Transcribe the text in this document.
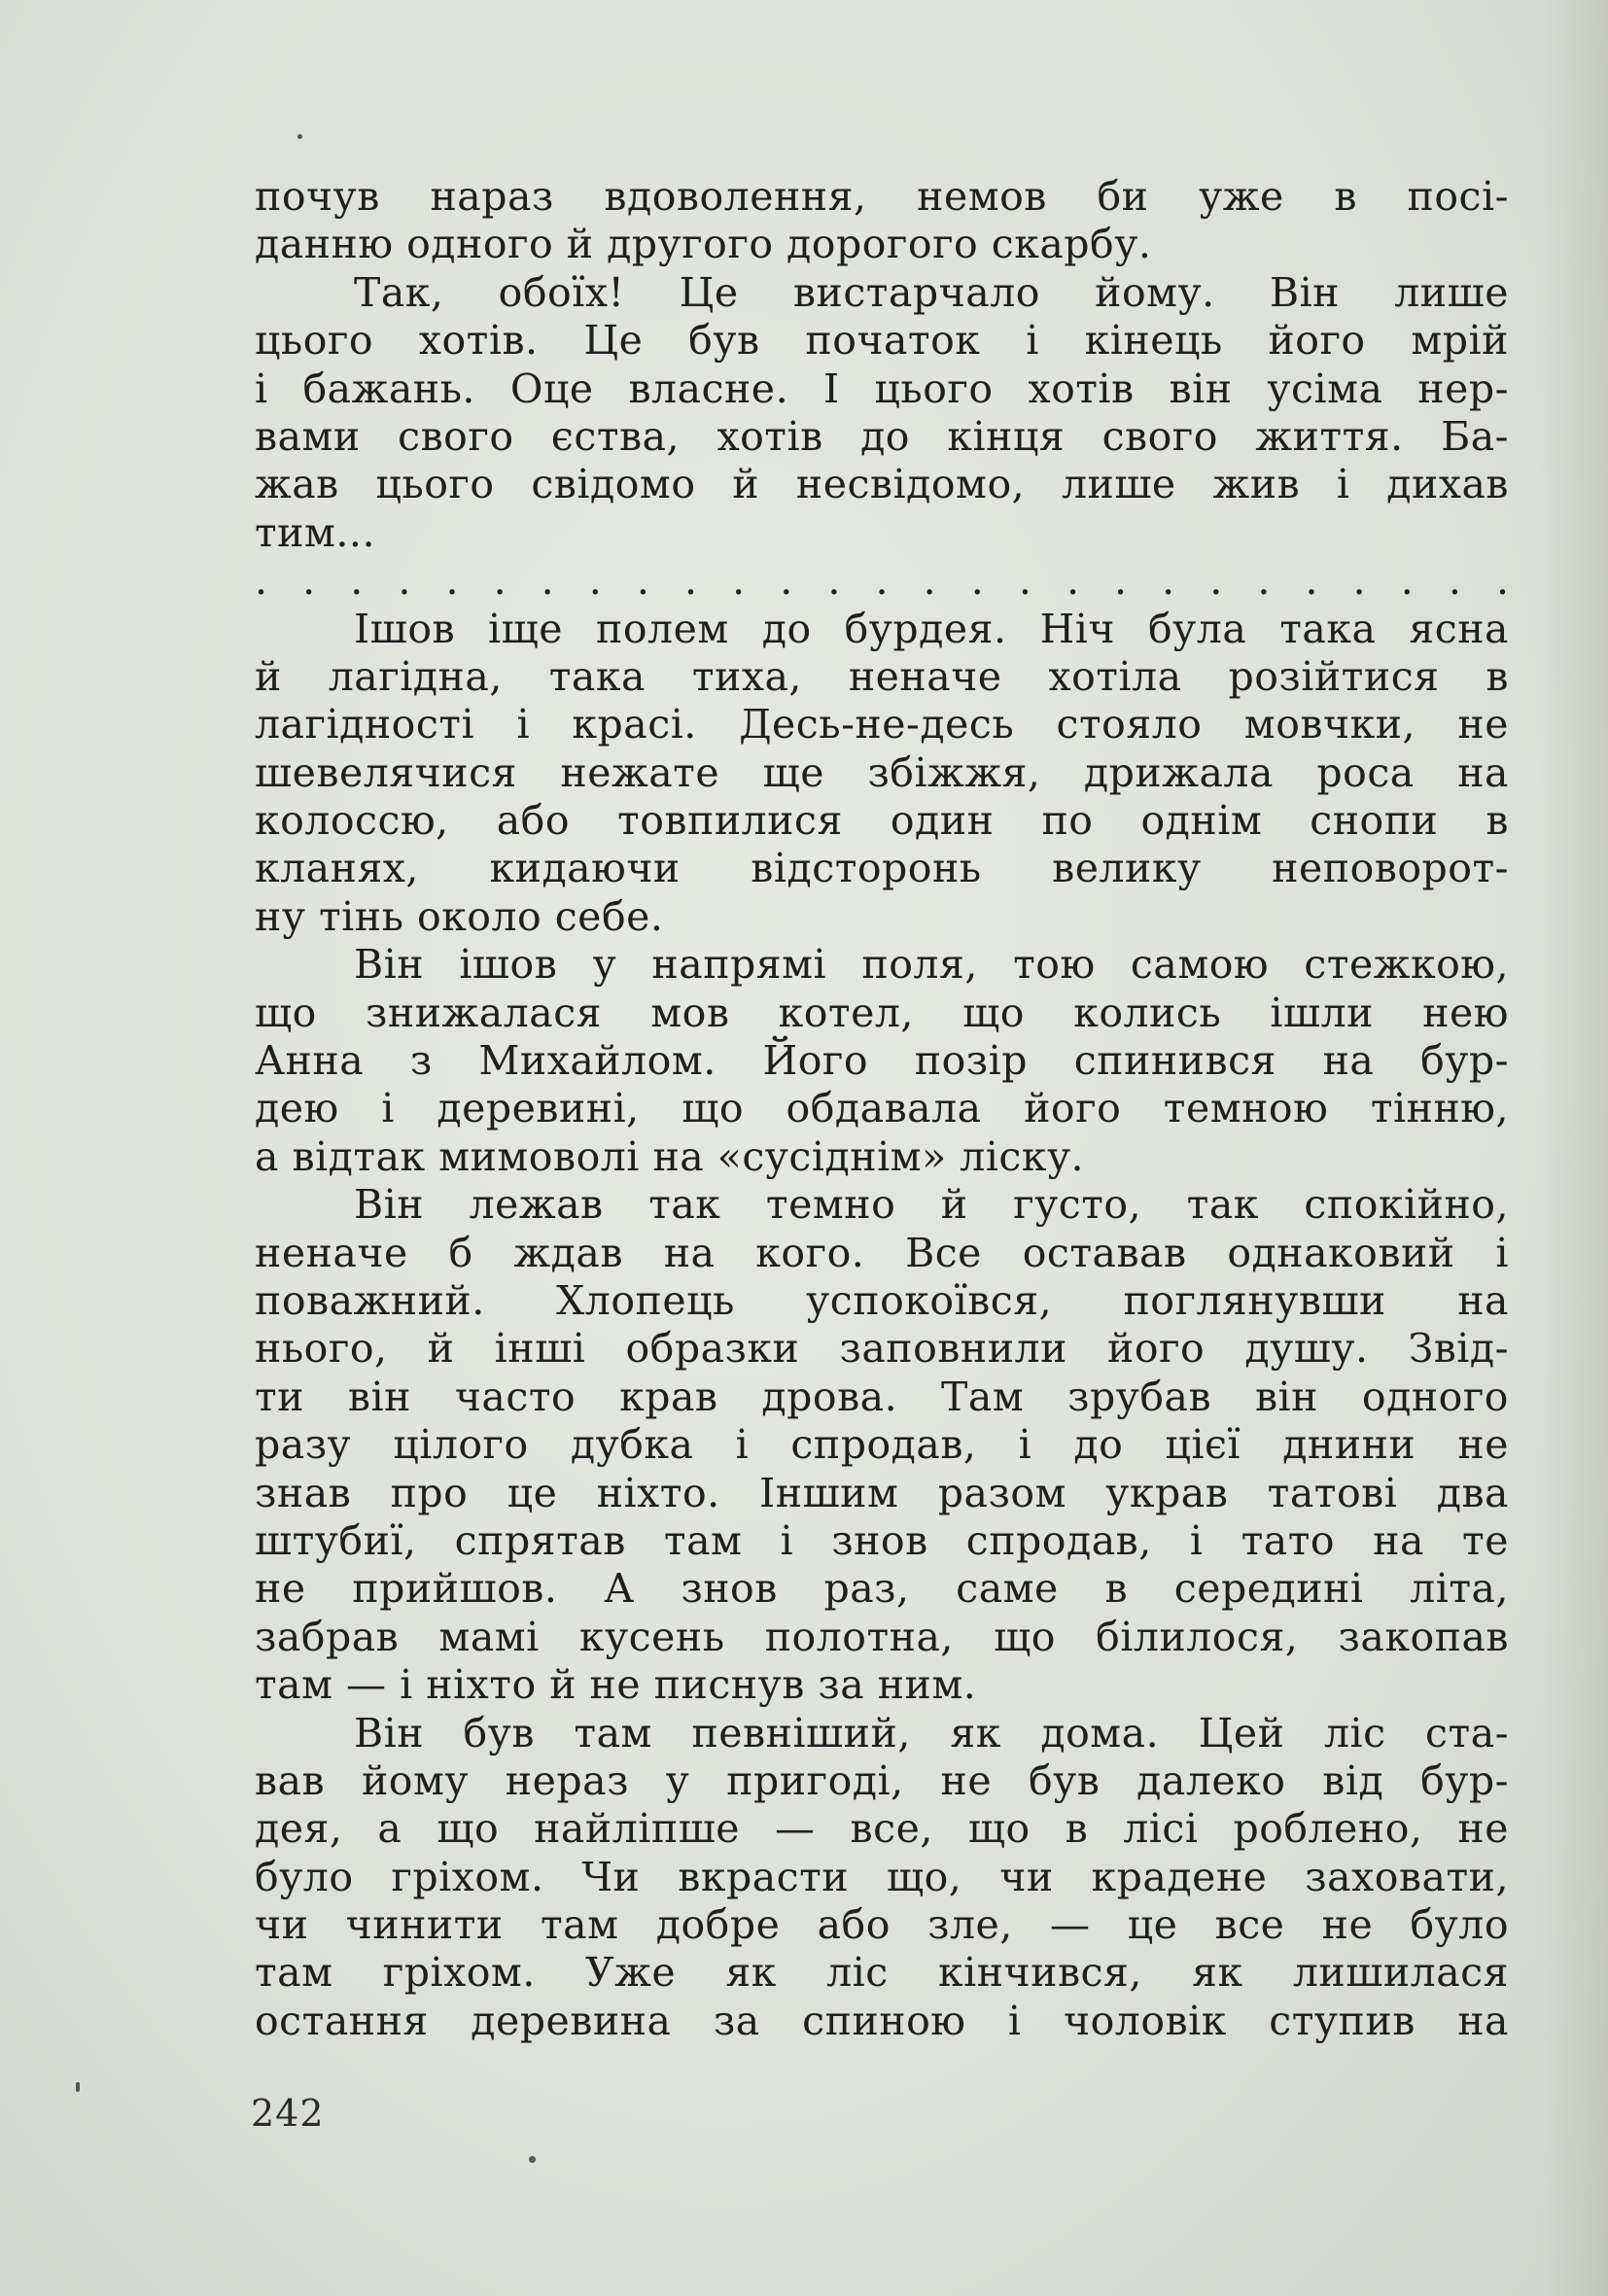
почув нараз вдоволення, немов би уже в посі-
данню одного й другого дорогого скарбу.
Так, обоїх! Це вистарчало йому. Він лише
цього хотів. Це був початок і кінець його мрій
і бажань. Оце власне. І цього хотів він усіма нер-
вами свого єства, хотів до кінця свого життя. Ба-
жав цього свідомо й несвідомо, лише жив і дихав
тим...
. . . . . . . . . . . . . . . . . . . . . . . . . . .
Ішов іще полем до бурдея. Ніч була така ясна
й лагідна, така тиха, неначе хотіла розійтися в
лагідності і красі. Десь-не-десь стояло мовчки, не
шевелячися нежате ще збіжжя, дрижала роса на
колоссю, або товпилися один по однім снопи в
кланях, кидаючи відсторонь велику неповорот-
ну тінь около себе.
Він ішов у напрямі поля, тою самою стежкою,
що знижалася мов котел, що колись ішли нею
Анна з Михайлом. Його позір спинився на бур-
дею і деревині, що обдавала його темною тінню,
а відтак мимоволі на «сусіднім» ліску.
Він лежав так темно й густо, так спокійно,
неначе б ждав на кого. Все оставав однаковий і
поважний. Хлопець успокоївся, поглянувши на
нього, й інші образки заповнили його душу. Звід-
ти він часто крав дрова. Там зрубав він одного
разу цілого дубка і спродав, і до цієї днини не
знав про це ніхто. Іншим разом украв татові два
штубиї, спрятав там і знов спродав, і тато на те
не прийшов. А знов раз, саме в середині літа,
забрав мамі кусень полотна, що білилося, закопав
там — і ніхто й не писнув за ним.
Він був там певніший, як дома. Цей ліс ста-
вав йому нераз у пригоді, не був далеко від бур-
дея, а що найліпше — все, що в лісі роблено, не
було гріхом. Чи вкрасти що, чи крадене заховати,
чи чинити там добре або зле, — це все не було
там гріхом. Уже як ліс кінчився, як лишилася
остання деревина за спиною і чоловік ступив на
242
